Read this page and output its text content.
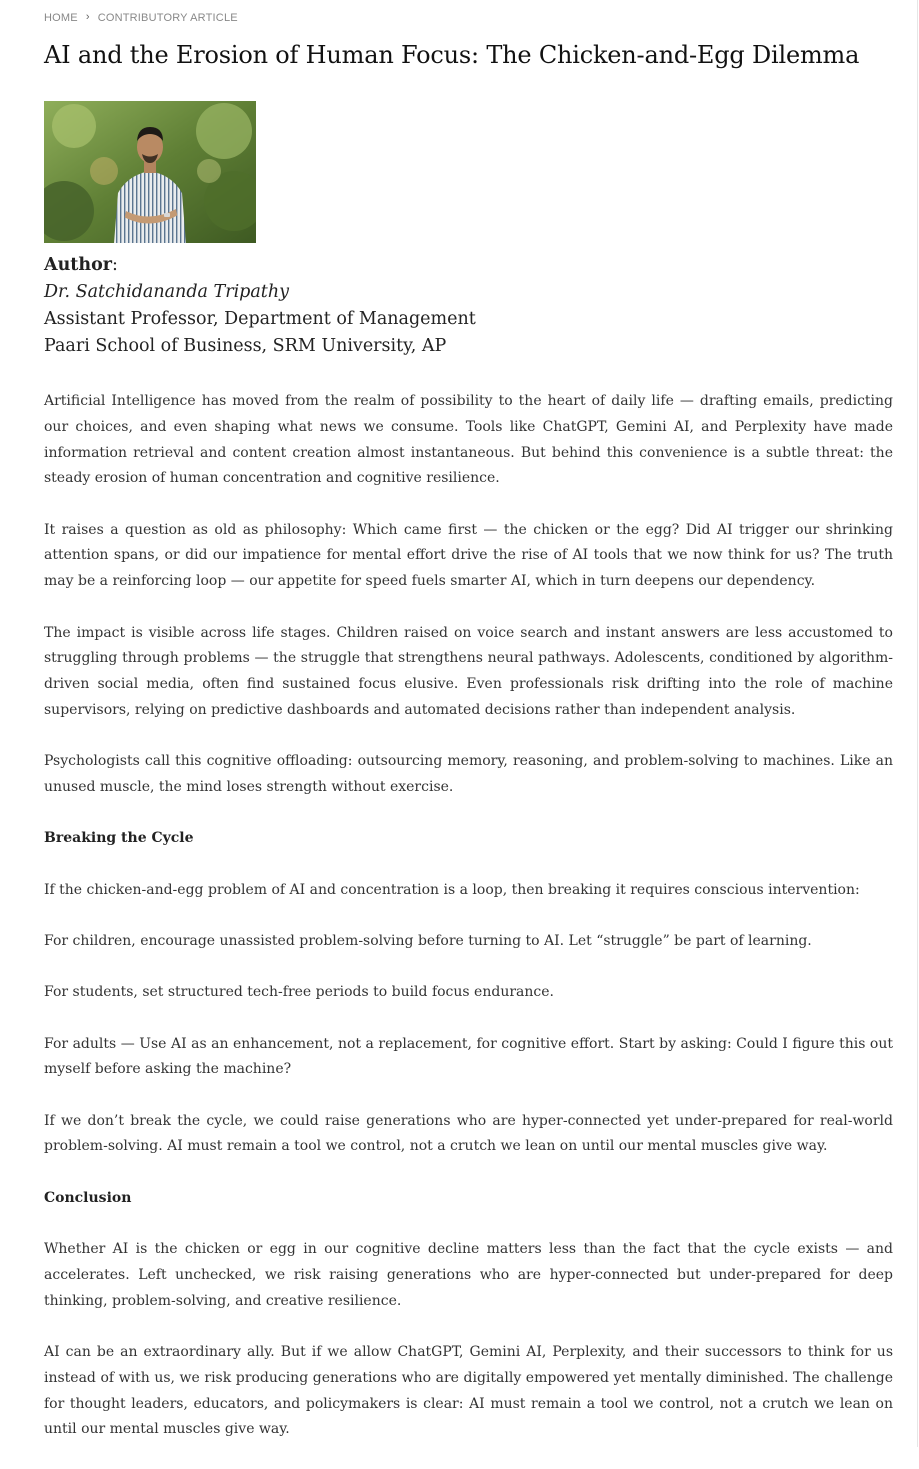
HOME › CONTRIBUTORY ARTICLE
AI and the Erosion of Human Focus: The Chicken-and-Egg Dilemma
Author:
Dr. Satchidananda Tripathy
Assistant Professor, Department of Management
Paari School of Business, SRM University, AP

Artificial Intelligence has moved from the realm of possibility to the heart of daily life — drafting emails, predicting our choices, and even shaping what news we consume. Tools like ChatGPT, Gemini AI, and Perplexity have made information retrieval and content creation almost instantaneous. But behind this convenience is a subtle threat: the steady erosion of human concentration and cognitive resilience.

It raises a question as old as philosophy: Which came first — the chicken or the egg? Did AI trigger our shrinking attention spans, or did our impatience for mental effort drive the rise of AI tools that we now think for us? The truth may be a reinforcing loop — our appetite for speed fuels smarter AI, which in turn deepens our dependency.

The impact is visible across life stages. Children raised on voice search and instant answers are less accustomed to struggling through problems — the struggle that strengthens neural pathways. Adolescents, conditioned by algorithm-driven social media, often find sustained focus elusive. Even professionals risk drifting into the role of machine supervisors, relying on predictive dashboards and automated decisions rather than independent analysis.

Psychologists call this cognitive offloading: outsourcing memory, reasoning, and problem-solving to machines. Like an unused muscle, the mind loses strength without exercise.

Breaking the Cycle

If the chicken-and-egg problem of AI and concentration is a loop, then breaking it requires conscious intervention:

For children, encourage unassisted problem-solving before turning to AI. Let “struggle” be part of learning.

For students, set structured tech-free periods to build focus endurance.

For adults — Use AI as an enhancement, not a replacement, for cognitive effort. Start by asking: Could I figure this out myself before asking the machine?

If we don’t break the cycle, we could raise generations who are hyper-connected yet under-prepared for real-world problem-solving. AI must remain a tool we control, not a crutch we lean on until our mental muscles give way.

Conclusion

Whether AI is the chicken or egg in our cognitive decline matters less than the fact that the cycle exists — and accelerates. Left unchecked, we risk raising generations who are hyper-connected but under-prepared for deep thinking, problem-solving, and creative resilience.

AI can be an extraordinary ally. But if we allow ChatGPT, Gemini AI, Perplexity, and their successors to think for us instead of with us, we risk producing generations who are digitally empowered yet mentally diminished. The challenge for thought leaders, educators, and policymakers is clear: AI must remain a tool we control, not a crutch we lean on until our mental muscles give way.
